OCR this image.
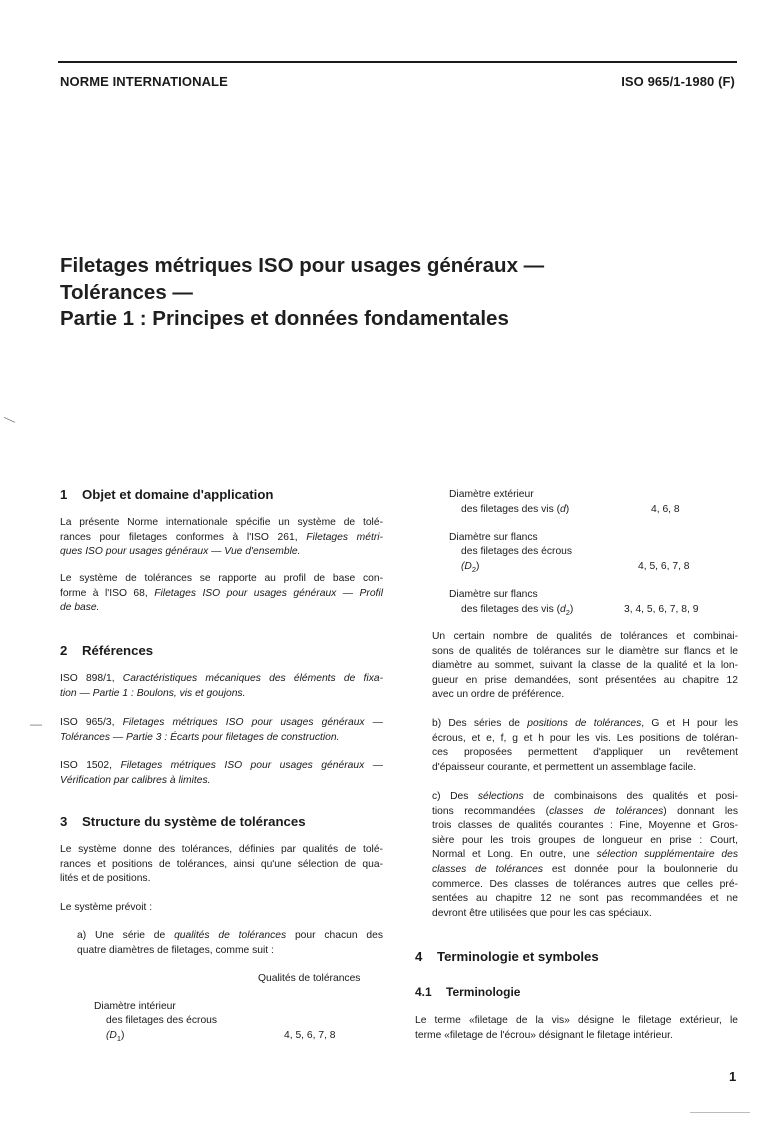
NORME INTERNATIONALE	ISO 965/1-1980 (F)
Filetages métriques ISO pour usages généraux —
Tolérances —
Partie 1 : Principes et données fondamentales
—
—
1 Objet et domaine d'application
La présente Norme internationale spécifie un système de tolé-
rances pour filetages conformes à l'ISO 261, Filetages métri-
ques ISO pour usages généraux — Vue d'ensemble.
Le système de tolérances se rapporte au profil de base con-
forme à l'ISO 68, Filetages ISO pour usages généraux — Profil
de base.
2 Références
ISO 898/1, Caractéristiques mécaniques des éléments de fixa-
tion — Partie 1 : Boulons, vis et goujons.
ISO 965/3, Filetages métriques ISO pour usages généraux —
Tolérances — Partie 3 : Écarts pour filetages de construction.
ISO 1502, Filetages métriques ISO pour usages généraux —
Vérification par calibres à limites.
3 Structure du système de tolérances
Le système donne des tolérances, définies par qualités de tolé-
rances et positions de tolérances, ainsi qu'une sélection de qua-
lités et de positions.
Le système prévoit :
a) Une série de qualités de tolérances pour chacun des
quatre diamètres de filetages, comme suit :
Qualités de tolérances
Diamètre intérieur
des filetages des écrous
$(D_1)$	4, 5, 6, 7, 8
Diamètre extérieur
des filetages des vis (d)	4, 6, 8
Diamètre sur flancs
des filetages des écrous
$(D_2)$	4, 5, 6, 7, 8
Diamètre sur flancs
des filetages des vis $(d_2)$	3, 4, 5, 6, 7, 8, 9
Un certain nombre de qualités de tolérances et combinai-
sons de qualités de tolérances sur le diamètre sur flancs et le
diamètre au sommet, suivant la classe de la qualité et la lon-
gueur en prise demandées, sont présentées au chapitre 12
avec un ordre de préférence.
b) Des séries de positions de tolérances, G et H pour les
écrous, et e, f, g et h pour les vis. Les positions de toléran-
ces proposées permettent d'appliquer un revêtement
d'épaisseur courante, et permettent un assemblage facile.
c) Des sélections de combinaisons des qualités et posi-
tions recommandées (classes de tolérances) donnant les
trois classes de qualités courantes : Fine, Moyenne et Gros-
sière pour les trois groupes de longueur en prise : Court,
Normal et Long. En outre, une sélection supplémentaire des
classes de tolérances est donnée pour la boulonnerie du
commerce. Des classes de tolérances autres que celles pré-
sentées au chapitre 12 ne sont pas recommandées et ne
devront être utilisées que pour les cas spéciaux.
4 Terminologie et symboles
4.1 Terminologie
Le terme «filetage de la vis» désigne le filetage extérieur, le
terme «filetage de l'écrou» désignant le filetage intérieur.
1
